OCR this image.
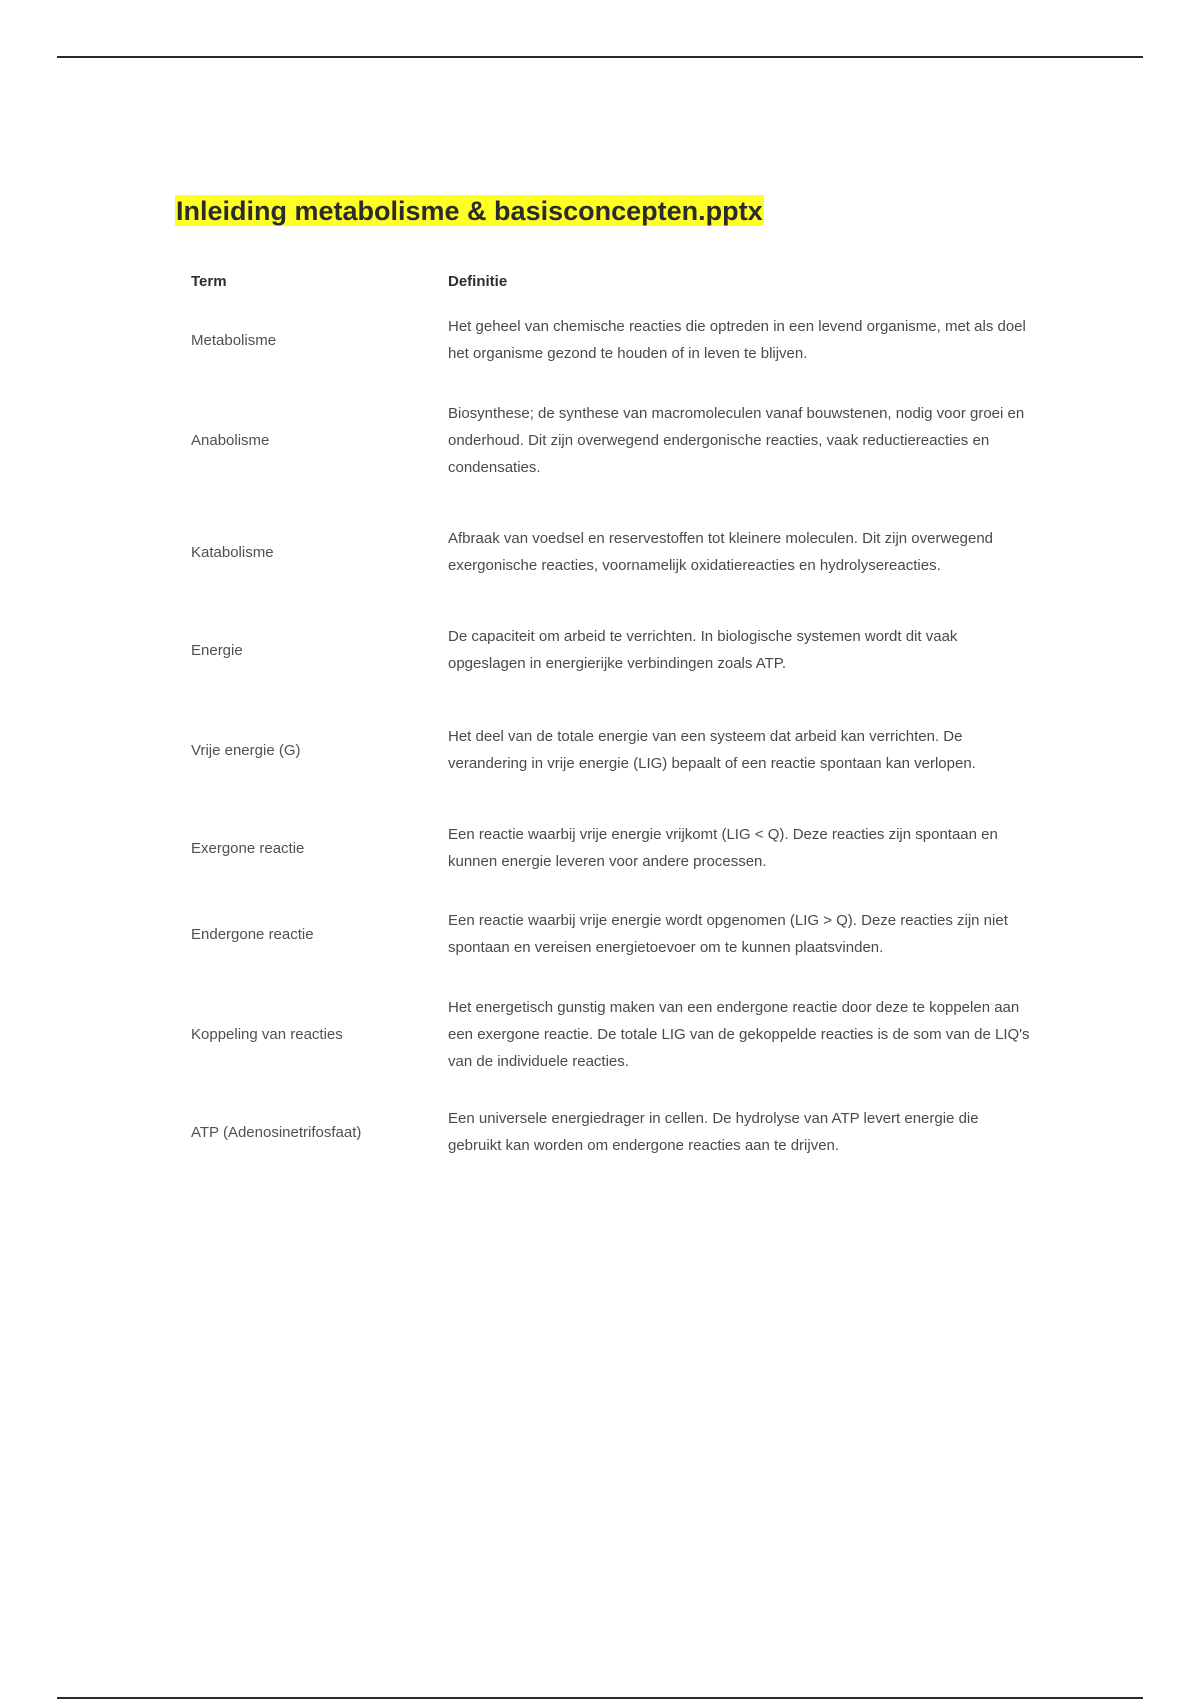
Inleiding metabolisme & basisconcepten.pptx
Term	Definitie
Metabolisme
Het geheel van chemische reacties die optreden in een levend organisme, met als doel het organisme gezond te houden of in leven te blijven.
Anabolisme
Biosynthese; de synthese van macromoleculen vanaf bouwstenen, nodig voor groei en onderhoud. Dit zijn overwegend endergonische reacties, vaak reductiereacties en condensaties.
Katabolisme
Afbraak van voedsel en reservestoffen tot kleinere moleculen. Dit zijn overwegend exergonische reacties, voornamelijk oxidatiereacties en hydrolysereacties.
Energie
De capaciteit om arbeid te verrichten. In biologische systemen wordt dit vaak opgeslagen in energierijke verbindingen zoals ATP.
Vrije energie (G)
Het deel van de totale energie van een systeem dat arbeid kan verrichten. De verandering in vrije energie (LIG) bepaalt of een reactie spontaan kan verlopen.
Exergone reactie
Een reactie waarbij vrije energie vrijkomt (LIG < Q). Deze reacties zijn spontaan en kunnen energie leveren voor andere processen.
Endergone reactie
Een reactie waarbij vrije energie wordt opgenomen (LIG > Q). Deze reacties zijn niet spontaan en vereisen energietoevoer om te kunnen plaatsvinden.
Koppeling van reacties
Het energetisch gunstig maken van een endergone reactie door deze te koppelen aan een exergone reactie. De totale LIG van de gekoppelde reacties is de som van de LIQ's van de individuele reacties.
ATP (Adenosinetrifosfaat)
Een universele energiedrager in cellen. De hydrolyse van ATP levert energie die gebruikt kan worden om endergone reacties aan te drijven.
